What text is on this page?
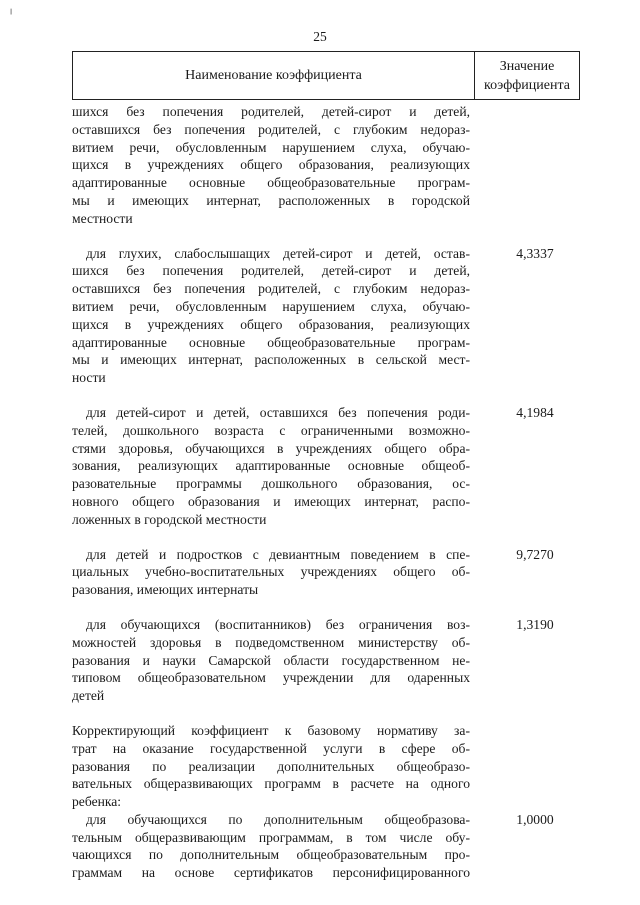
╷
25
Наименование коэффициента
Значение
коэффициента
шихся без попечения родителей, детей-сирот и детей,
оставшихся без попечения родителей, с глубоким недораз-
витием речи, обусловленным нарушением слуха, обучаю-
щихся в учреждениях общего образования, реализующих
адаптированные основные общеобразовательные програм-
мы и имеющих интернат, расположенных в городской
местности
для глухих, слабослышащих детей-сирот и детей, остав-
шихся без попечения родителей, детей-сирот и детей,
оставшихся без попечения родителей, с глубоким недораз-
витием речи, обусловленным нарушением слуха, обучаю-
щихся в учреждениях общего образования, реализующих
адаптированные основные общеобразовательные програм-
мы и имеющих интернат, расположенных в сельской мест-
ности
4,3337
для детей-сирот и детей, оставшихся без попечения роди-
телей, дошкольного возраста с ограниченными возможно-
стями здоровья, обучающихся в учреждениях общего обра-
зования, реализующих адаптированные основные общеоб-
разовательные программы дошкольного образования, ос-
новного общего образования и имеющих интернат, распо-
ложенных в городской местности
4,1984
для детей и подростков с девиантным поведением в спе-
циальных учебно-воспитательных учреждениях общего об-
разования, имеющих интернаты
9,7270
для обучающихся (воспитанников) без ограничения воз-
можностей здоровья в подведомственном министерству об-
разования и науки Самарской области государственном не-
типовом общеобразовательном учреждении для одаренных
детей
1,3190
Корректирующий коэффициент к базовому нормативу за-
трат на оказание государственной услуги в сфере об-
разования по реализации дополнительных общеобразо-
вательных общеразвивающих программ в расчете на одного
ребенка:
для обучающихся по дополнительным общеобразова-
тельным общеразвивающим программам, в том числе обу-
чающихся по дополнительным общеобразовательным про-
граммам на основе сертификатов персонифицированного
1,0000
